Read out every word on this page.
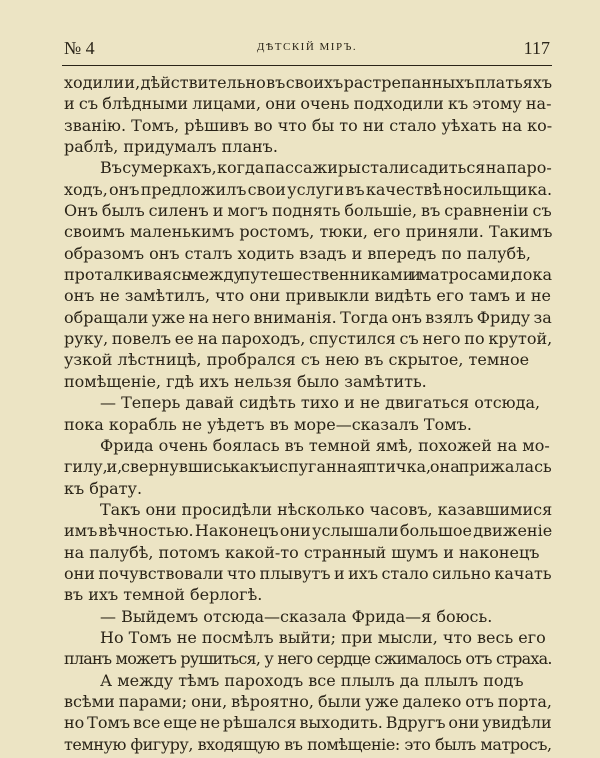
№ 4	ДѢТСКІЙ МІРЪ.	117

ходили и, дѣйствительно въ своихъ растрепанныхъ платьяхъ
и съ блѣдными лицами, они очень подходили къ этому на-
званію. Томъ, рѣшивъ во что бы то ни стало уѣхать на ко-
раблѣ, придумалъ планъ.

Въ сумеркахъ, когда пассажиры стали садиться на паро-
ходъ, онъ предложилъ свои услуги въ качествѣ носильщика.
Онъ былъ силенъ и могъ поднять большіе, въ сравненіи съ
своимъ маленькимъ ростомъ, тюки, его приняли. Такимъ
образомъ онъ сталъ ходить взадъ и впередъ по палубѣ,
проталкиваясь между путешественниками и матросами, пока
онъ не замѣтилъ, что они привыкли видѣть его тамъ и не
обращали уже на него вниманія. Тогда онъ взялъ Фриду за
руку, повелъ ее на пароходъ, спустился съ него по крутой,
узкой лѣстницѣ, пробрался съ нею въ скрытое, темное
помѣщеніе, гдѣ ихъ нельзя было замѣтить.

— Теперь давай сидѣть тихо и не двигаться отсюда,
пока корабль не уѣдетъ въ море—сказалъ Томъ.

Фрида очень боялась въ темной ямѣ, похожей на мо-
гилу, и, свернувшись какъ испуганная птичка, она прижалась
къ брату.

Такъ они просидѣли нѣсколько часовъ, казавшимися
имъ вѣчностью. Наконецъ они услышали большое движеніе
на палубѣ, потомъ какой-то странный шумъ и наконецъ
они почувствовали что плывутъ и ихъ стало сильно качать
въ ихъ темной берлогѣ.

— Выйдемъ отсюда—сказала Фрида—я боюсь.

Но Томъ не посмѣлъ выйти; при мысли, что весь его
планъ можетъ рушиться, у него сердце сжималось отъ страха.

А между тѣмъ пароходъ все плылъ да плылъ подъ
всѣми парами; они, вѣроятно, были уже далеко отъ порта,
но Томъ все еще не рѣшался выходить. Вдругъ они увидѣли
темную фигуру, входящую въ помѣщеніе: это былъ матросъ,
